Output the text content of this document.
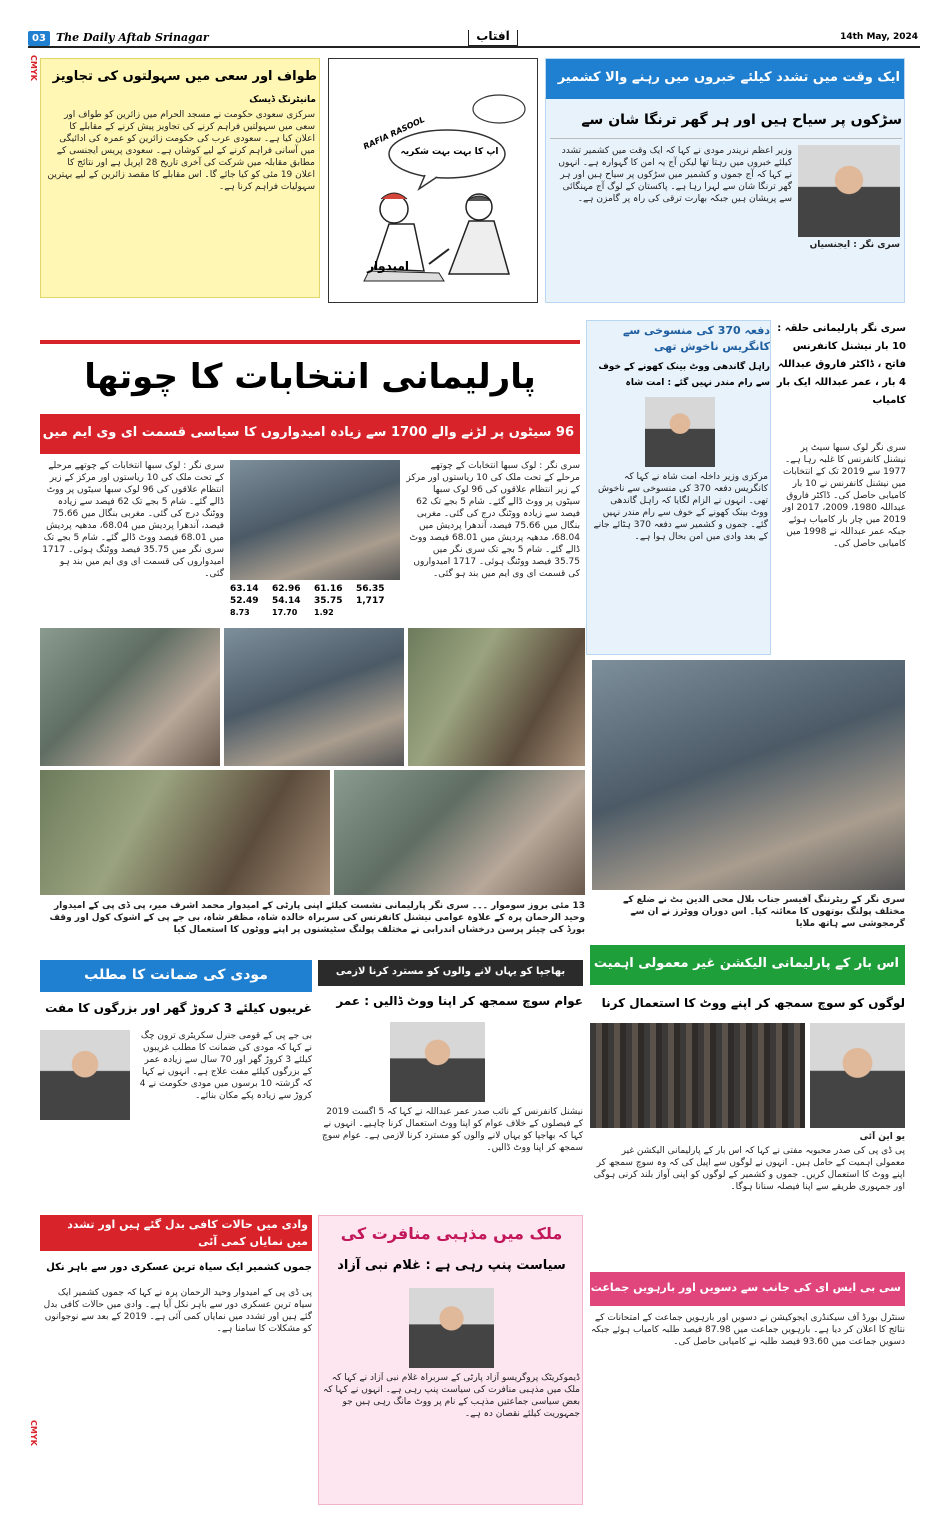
03 The Daily Aftab Srinagar	آفتاب	14th May, 2024
CMYK
CMYK
طواف اور سعی میں سہولتوں کی تجاویز
مانیٹرنگ ڈیسک
سرکزی سعودی حکومت نے مسجد الحرام میں زائرین کو طواف اور سعی میں سہولتیں فراہم کرنے کی تجاویز پیش کرنے کے مقابلے کا اعلان کیا ہے۔ سعودی عرب کی حکومت زائرین کو عمرہ کی ادائیگی میں آسانی فراہم کرنے کے لیے کوشاں ہے۔ سعودی پریس ایجنسی کے مطابق مقابلہ میں شرکت کی آخری تاریخ 28 اپریل ہے اور نتائج کا اعلان 19 مئی کو کیا جائے گا۔ اس مقابلے کا مقصد زائرین کے لیے بہترین سہولیات فراہم کرنا ہے۔
آپ کا بہت بہت شکریہ
RAFIA RASOOL
امیدوار
ایک وقت میں تشدد کیلئے خبروں میں رہنے والا کشمیر
سڑکوں پر سیاح ہیں اور ہر گھر ترنگا شان سے
سری نگر : ایجنسیاں
وزیر اعظم نریندر مودی نے کہا کہ ایک وقت میں کشمیر تشدد کیلئے خبروں میں رہتا تھا لیکن آج یہ امن کا گہوارہ ہے۔ انہوں نے کہا کہ آج جموں و کشمیر میں سڑکوں پر سیاح ہیں اور ہر گھر ترنگا شان سے لہرا رہا ہے۔ پاکستان کے لوگ آج مہنگائی سے پریشان ہیں جبکہ بھارت ترقی کی راہ پر گامزن ہے۔
پارلیمانی انتخابات کا چوتھا
96 سیٹوں پر لڑنے والے 1700 سے زیادہ امیدواروں کا سیاسی قسمت ای وی ایم میں
سری نگر : لوک سبھا انتخابات کے چوتھے مرحلے کے تحت ملک کی 10 ریاستوں اور مرکز کے زیر انتظام علاقوں کی 96 لوک سبھا سیٹوں پر ووٹ ڈالے گئے۔ شام 5 بجے تک 62 فیصد سے زیادہ ووٹنگ درج کی گئی۔ مغربی بنگال میں 75.66 فیصد، آندھرا پردیش میں 68.04، مدھیہ پردیش میں 68.01 فیصد ووٹ ڈالے گئے۔ شام 5 بجے تک سری نگر میں 35.75 فیصد ووٹنگ ہوئی۔ 1717 امیدواروں کی قسمت ای وی ایم میں بند ہو گئی۔
سری نگر : لوک سبھا انتخابات کے چوتھے مرحلے کے تحت ملک کی 10 ریاستوں اور مرکز کے زیر انتظام علاقوں کی 96 لوک سبھا سیٹوں پر ووٹ ڈالے گئے۔ شام 5 بجے تک 62 فیصد سے زیادہ ووٹنگ درج کی گئی۔ مغربی بنگال میں 75.66 فیصد، آندھرا پردیش میں 68.04، مدھیہ پردیش میں 68.01 فیصد ووٹ ڈالے گئے۔ شام 5 بجے تک سری نگر میں 35.75 فیصد ووٹنگ ہوئی۔ 1717 امیدواروں کی قسمت ای وی ایم میں بند ہو گئی۔
63.14	62.96	61.16	56.35
52.49	54.14	35.75	1,717
8.73	17.70	1.92
دفعہ 370 کی منسوخی سے کانگریس ناخوش تھی
راہل گاندھی ووٹ بینک کھونے کے خوف سے رام مندر نہیں گئے : امت شاہ
مرکزی وزیر داخلہ امت شاہ نے کہا کہ کانگریس دفعہ 370 کی منسوخی سے ناخوش تھی۔ انہوں نے الزام لگایا کہ راہل گاندھی ووٹ بینک کھونے کے خوف سے رام مندر نہیں گئے۔ جموں و کشمیر سے دفعہ 370 ہٹائے جانے کے بعد وادی میں امن بحال ہوا ہے۔
سری نگر پارلیمانی حلقہ : 10 بار نیشنل کانفرنس فاتح ، ڈاکٹر فاروق عبداللہ 4 بار ، عمر عبداللہ ایک بار کامیاب
سری نگر لوک سبھا سیٹ پر نیشنل کانفرنس کا غلبہ رہا ہے۔ 1977 سے 2019 تک کے انتخابات میں نیشنل کانفرنس نے 10 بار کامیابی حاصل کی۔ ڈاکٹر فاروق عبداللہ 1980، 2009، 2017 اور 2019 میں چار بار کامیاب ہوئے جبکہ عمر عبداللہ نے 1998 میں کامیابی حاصل کی۔
13 مئی بروز سوموار ۔۔۔ سری نگر پارلیمانی نشست کیلئے اپنی پارٹی کے امیدوار محمد اشرف میر، پی ڈی پی کے امیدوار وحید الرحمان پرہ کے علاوہ عوامی نیشنل کانفرنس کی سربراہ خالدہ شاہ، مظفر شاہ، بی جے پی کے اشوک کول اور وقف بورڈ کی چیئر پرسن درخشاں اندرابی نے مختلف پولنگ سٹیشنوں پر اپنے ووٹوں کا استعمال کیا
سری نگر کے ریٹرننگ آفیسر جناب بلال محی الدین بٹ نے ضلع کے مختلف پولنگ بوتھوں کا معائنہ کیا۔ اس دوران ووٹرز نے ان سے گرمجوشی سے ہاتھ ملایا
مودی کی ضمانت کا مطلب
غریبوں کیلئے 3 کروڑ گھر اور بزرگوں کا مفت
بی جے پی کے قومی جنرل سکریٹری ترون چگ نے کہا کہ مودی کی ضمانت کا مطلب غریبوں کیلئے 3 کروڑ گھر اور 70 سال سے زیادہ عمر کے بزرگوں کیلئے مفت علاج ہے۔ انہوں نے کہا کہ گزشتہ 10 برسوں میں مودی حکومت نے 4 کروڑ سے زیادہ پکے مکان بنائے۔
بھاجپا کو یہاں لانے والوں کو مسترد کرنا لازمی
عوام سوچ سمجھ کر اپنا ووٹ ڈالیں : عمر
نیشنل کانفرنس کے نائب صدر عمر عبداللہ نے کہا کہ 5 اگست 2019 کے فیصلوں کے خلاف عوام کو اپنا ووٹ استعمال کرنا چاہیے۔ انہوں نے کہا کہ بھاجپا کو یہاں لانے والوں کو مسترد کرنا لازمی ہے۔ عوام سوچ سمجھ کر اپنا ووٹ ڈالیں۔
اس بار کے پارلیمانی الیکشن غیر معمولی اہمیت
لوگوں کو سوچ سمجھ کر اپنے ووٹ کا استعمال کرنا
یو این آئی
پی ڈی پی کی صدر محبوبہ مفتی نے کہا کہ اس بار کے پارلیمانی الیکشن غیر معمولی اہمیت کے حامل ہیں۔ انہوں نے لوگوں سے اپیل کی کہ وہ سوچ سمجھ کر اپنے ووٹ کا استعمال کریں۔ جموں و کشمیر کے لوگوں کو اپنی آواز بلند کرنی ہوگی اور جمہوری طریقے سے اپنا فیصلہ سنانا ہوگا۔
وادی میں حالات کافی بدل گئے ہیں اور تشدد میں نمایاں کمی آئی
جموں کشمیر ایک سیاہ ترین عسکری دور سے باہر نکل
پی ڈی پی کے امیدوار وحید الرحمان پرہ نے کہا کہ جموں کشمیر ایک سیاہ ترین عسکری دور سے باہر نکل آیا ہے۔ وادی میں حالات کافی بدل گئے ہیں اور تشدد میں نمایاں کمی آئی ہے۔ 2019 کے بعد سے نوجوانوں کو مشکلات کا سامنا ہے۔
ملک میں مذہبی منافرت کی
سیاست پنپ رہی ہے : غلام نبی آزاد
ڈیموکریٹک پروگریسو آزاد پارٹی کے سربراہ غلام نبی آزاد نے کہا کہ ملک میں مذہبی منافرت کی سیاست پنپ رہی ہے۔ انہوں نے کہا کہ بعض سیاسی جماعتیں مذہب کے نام پر ووٹ مانگ رہی ہیں جو جمہوریت کیلئے نقصان دہ ہے۔
سی بی ایس ای کی جانب سے دسویں اور بارہویں جماعت
سنٹرل بورڈ آف سیکنڈری ایجوکیشن نے دسویں اور بارہویں جماعت کے امتحانات کے نتائج کا اعلان کر دیا ہے۔ بارہویں جماعت میں 87.98 فیصد طلبہ کامیاب ہوئے جبکہ دسویں جماعت میں 93.60 فیصد طلبہ نے کامیابی حاصل کی۔
